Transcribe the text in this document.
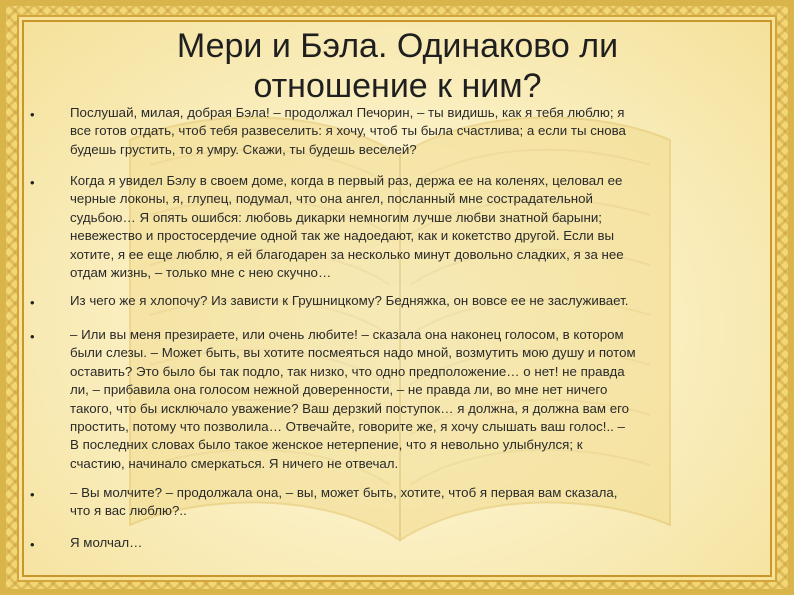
Мери и Бэла. Одинаково ли
отношение к ним?
•	Послушай, милая, добрая Бэла! – продолжал Печорин, – ты видишь, как я тебя люблю; я
все готов отдать, чтоб тебя развеселить: я хочу, чтоб ты была счастлива; а если ты снова
будешь грустить, то я умру. Скажи, ты будешь веселей?

•	Когда я увидел Бэлу в своем доме, когда в первый раз, держа ее на коленях, целовал ее
черные локоны, я, глупец, подумал, что она ангел, посланный мне сострадательной
судьбою… Я опять ошибся: любовь дикарки немногим лучше любви знатной барыни;
невежество и простосердечие одной так же надоедают, как и кокетство другой. Если вы
хотите, я ее еще люблю, я ей благодарен за несколько минут довольно сладких, я за нее
отдам жизнь, – только мне с нею скучно…

•	Из чего же я хлопочу? Из зависти к Грушницкому? Бедняжка, он вовсе ее не заслуживает.

•	– Или вы меня презираете, или очень любите! – сказала она наконец голосом, в котором
были слезы. – Может быть, вы хотите посмеяться надо мной, возмутить мою душу и потом
оставить? Это было бы так подло, так низко, что одно предположение… о нет! не правда
ли, – прибавила она голосом нежной доверенности, – не правда ли, во мне нет ничего
такого, что бы исключало уважение? Ваш дерзкий поступок… я должна, я должна вам его
простить, потому что позволила… Отвечайте, говорите же, я хочу слышать ваш голос!.. –
В последних словах было такое женское нетерпение, что я невольно улыбнулся; к
счастию, начинало смеркаться. Я ничего не отвечал.

•	– Вы молчите? – продолжала она, – вы, может быть, хотите, чтоб я первая вам сказала,
что я вас люблю?..

•	Я молчал…
